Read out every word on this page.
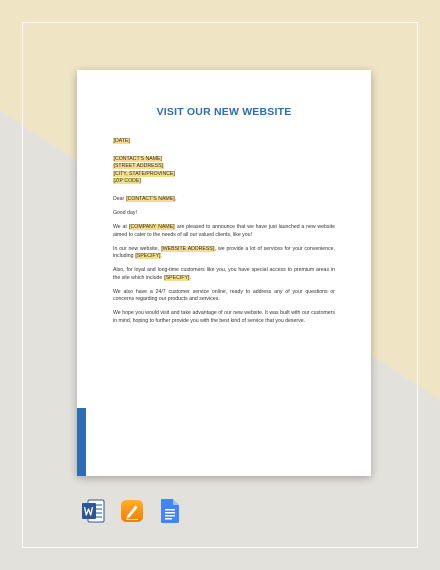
VISIT OUR NEW WEBSITE

[DATE]

[CONTACT'S NAME]
[STREET ADDRESS]
[CITY, STATE/PROVINCE]
[ZIP CODE]

Dear [CONTACT'S NAME],

Good day!

We at [COMPANY NAME] are pleased to announce that we have just launched a new website aimed to cater to the needs of all our valued clients, like you!

In our new website, [WEBSITE ADDRESS], we provide a lot of services for your convenience, including [SPECIFY].

Also, for loyal and long-time customers like you, you have special access to premium areas in the site which include [SPECIFY].

We also have a 24/7 customer service online, ready to address any of your questions or concerns regarding our products and services.

We hope you would visit and take advantage of our new website. It was built with our customers in mind, hoping to further provide you with the best kind of service that you deserve.
